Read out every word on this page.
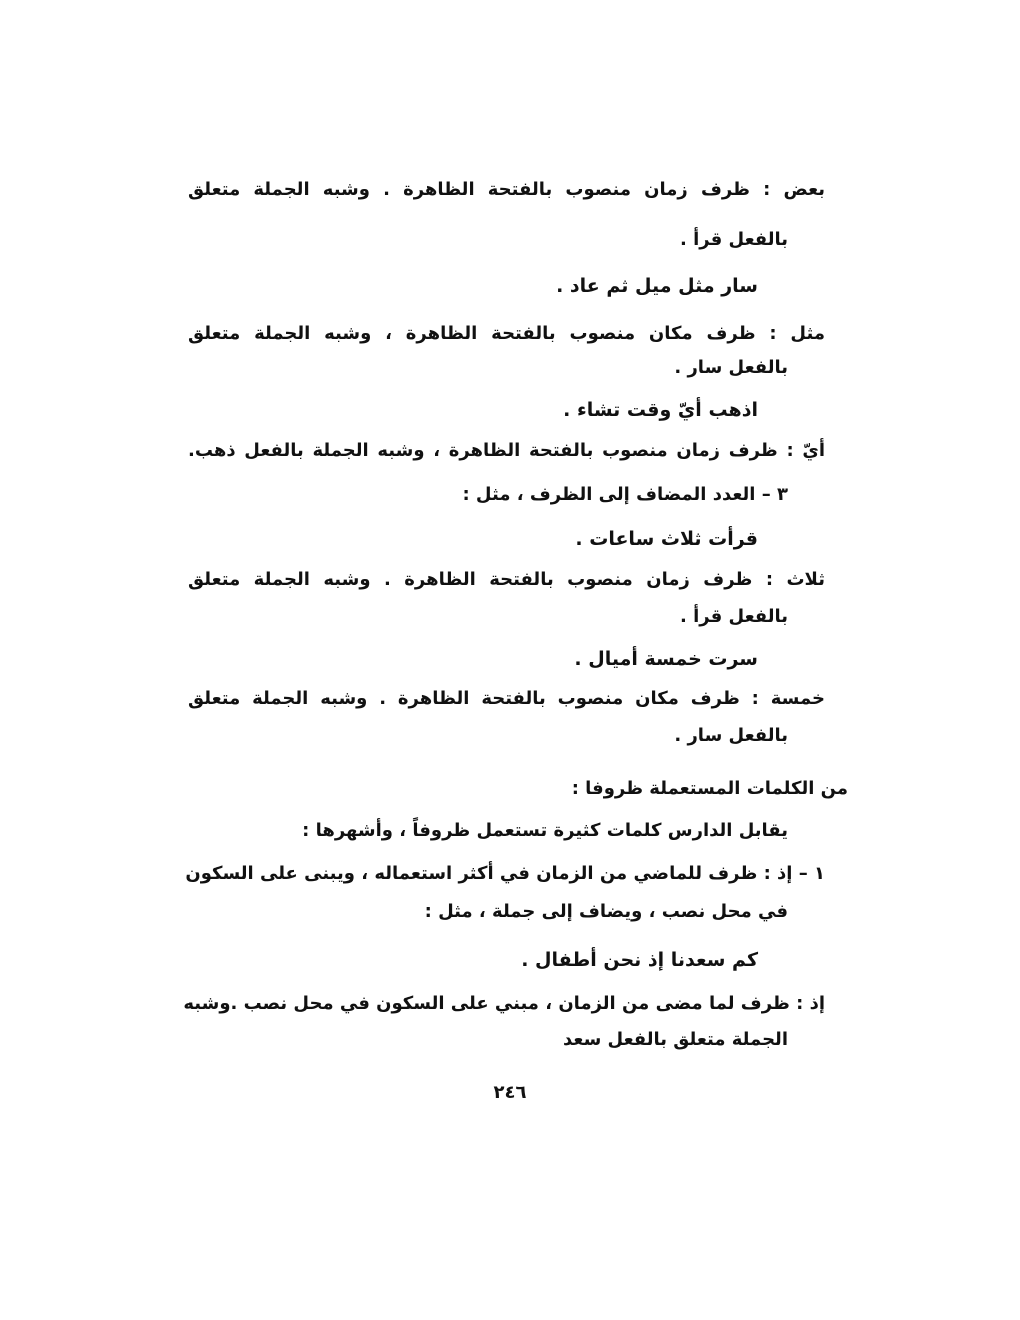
بعض : ظرف زمان منصوب بالفتحة الظاهرة . وشبه الجملة متعلق
بالفعل قرأ .
سار مثل ميل ثم عاد .
مثل : ظرف مكان منصوب بالفتحة الظاهرة ، وشبه الجملة متعلق
بالفعل سار .
اذهب أيّ وقت تشاء .
أيّ : ظرف زمان منصوب بالفتحة الظاهرة ، وشبه الجملة بالفعل ذهب.
٣ – العدد المضاف إلى الظرف ، مثل :
قرأت ثلاث ساعات .
ثلاث : ظرف زمان منصوب بالفتحة الظاهرة . وشبه الجملة متعلق
بالفعل قرأ .
سرت خمسة أميال .
خمسة : ظرف مكان منصوب بالفتحة الظاهرة . وشبه الجملة متعلق
بالفعل سار .
من الكلمات المستعملة ظروفا :
يقابل الدارس كلمات كثيرة تستعمل ظروفاً ، وأشهرها :
١ – إذ : ظرف للماضي من الزمان في أكثر استعماله ، ويبنى على السكون
في محل نصب ، ويضاف إلى جملة ، مثل :
كم سعدنا إذ نحن أطفال .
إذ : ظرف لما مضى من الزمان ، مبني على السكون في محل نصب .وشبه
الجملة متعلق بالفعل سعد
٢٤٦
